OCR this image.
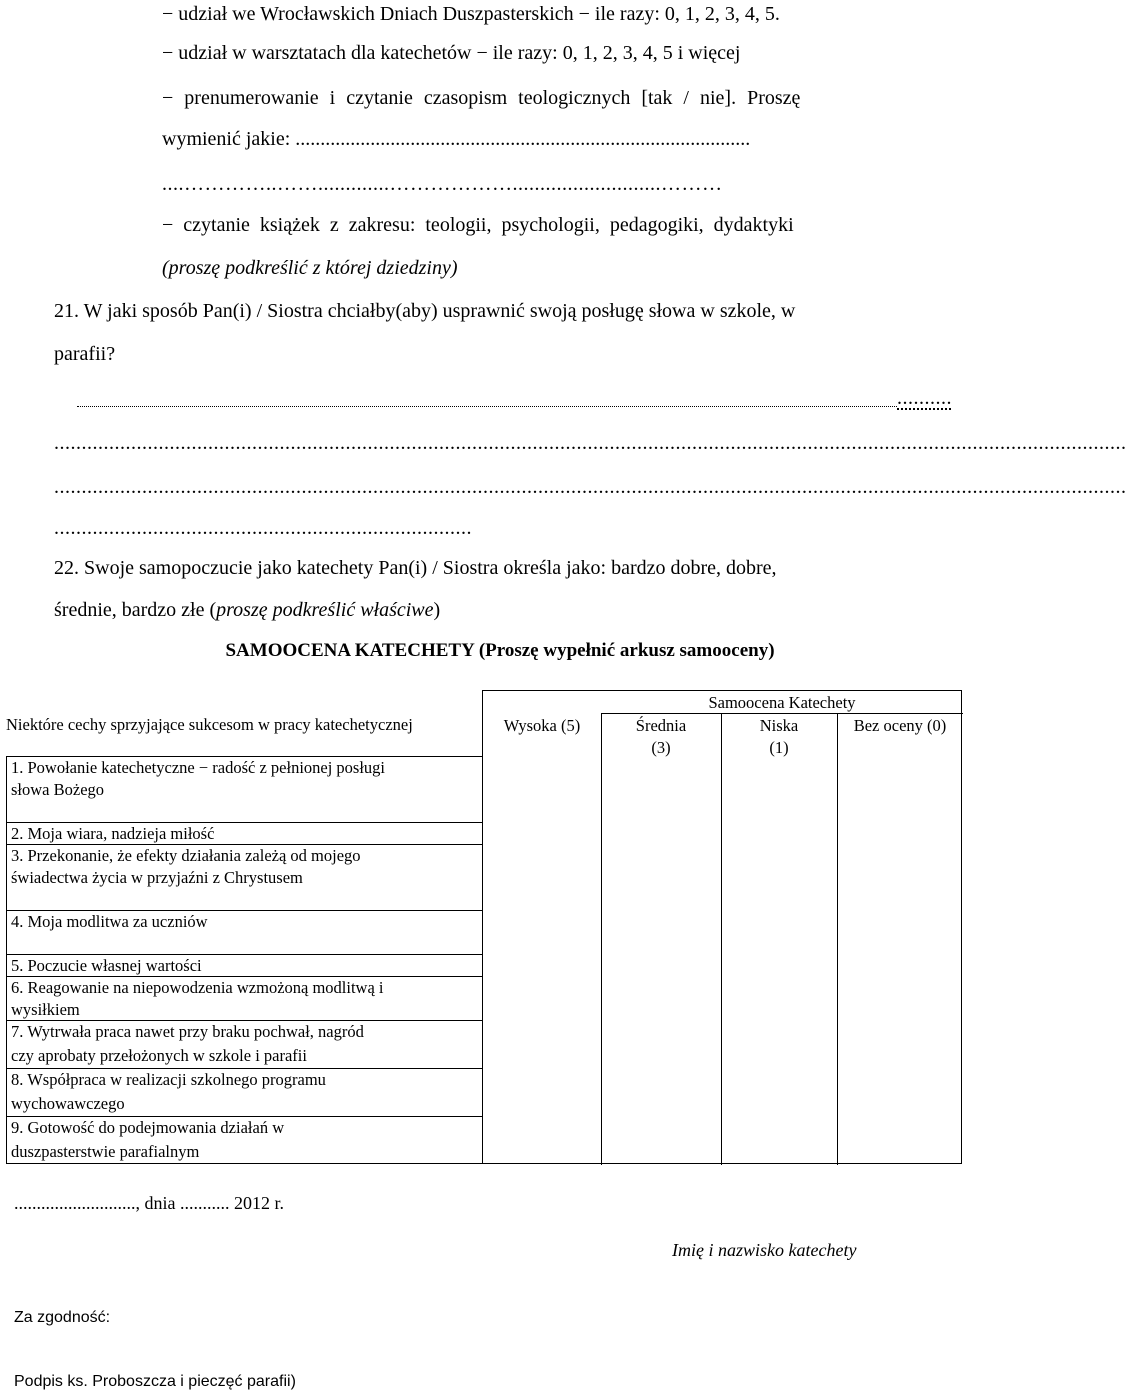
− udział we Wrocławskich Dniach Duszpasterskich − ile razy: 0, 1, 2, 3, 4, 5.
− udział w warsztatach dla katechetów − ile razy: 0, 1, 2, 3, 4, 5 i więcej
− prenumerowanie i czytanie czasopism teologicznych [tak / nie]. Proszę
wymienić jakie: ...........................................................................................
....…………..…….............………………...........................………
− czytanie książek z zakresu: teologii, psychologii, pedagogiki, dydaktyki
(proszę podkreślić z której dziedziny)
21. W jaki sposób Pan(i) / Siostra chciałby(aby) usprawnić swoją posługę słowa w szkole, w
parafii?
..........
...................................................................................................................................................................................................
...................................................................................................................................................................................................
............................................................................
22. Swoje samopoczucie jako katechety Pan(i) / Siostra określa jako: bardzo dobre, dobre,
średnie, bardzo złe (proszę podkreślić właściwe)
SAMOOCENA KATECHETY (Proszę wypełnić arkusz samooceny)
Samoocena Katechety
Wysoka (5)	Średnia (3)
Niska (1)
Bez oceny (0)
Niektóre cechy sprzyjające sukcesom w pracy katechetycznej
1. Powołanie katechetyczne − radość z pełnionej posługi
słowa Bożego
2. Moja wiara, nadzieja miłość
3. Przekonanie, że efekty działania zależą od mojego
świadectwa życia w przyjaźni z Chrystusem
4. Moja modlitwa za uczniów
5. Poczucie własnej wartości
6. Reagowanie na niepowodzenia wzmożoną modlitwą i
wysiłkiem
7. Wytrwała praca nawet przy braku pochwał, nagród
czy aprobaty przełożonych w szkole i parafii
8. Współpraca w realizacji szkolnego programu
wychowawczego
9. Gotowość do podejmowania działań w
duszpasterstwie parafialnym
..........................., dnia ........... 2012 r.
Imię i nazwisko katechety
Za zgodność:
Podpis ks. Proboszcza i pieczęć parafii)
